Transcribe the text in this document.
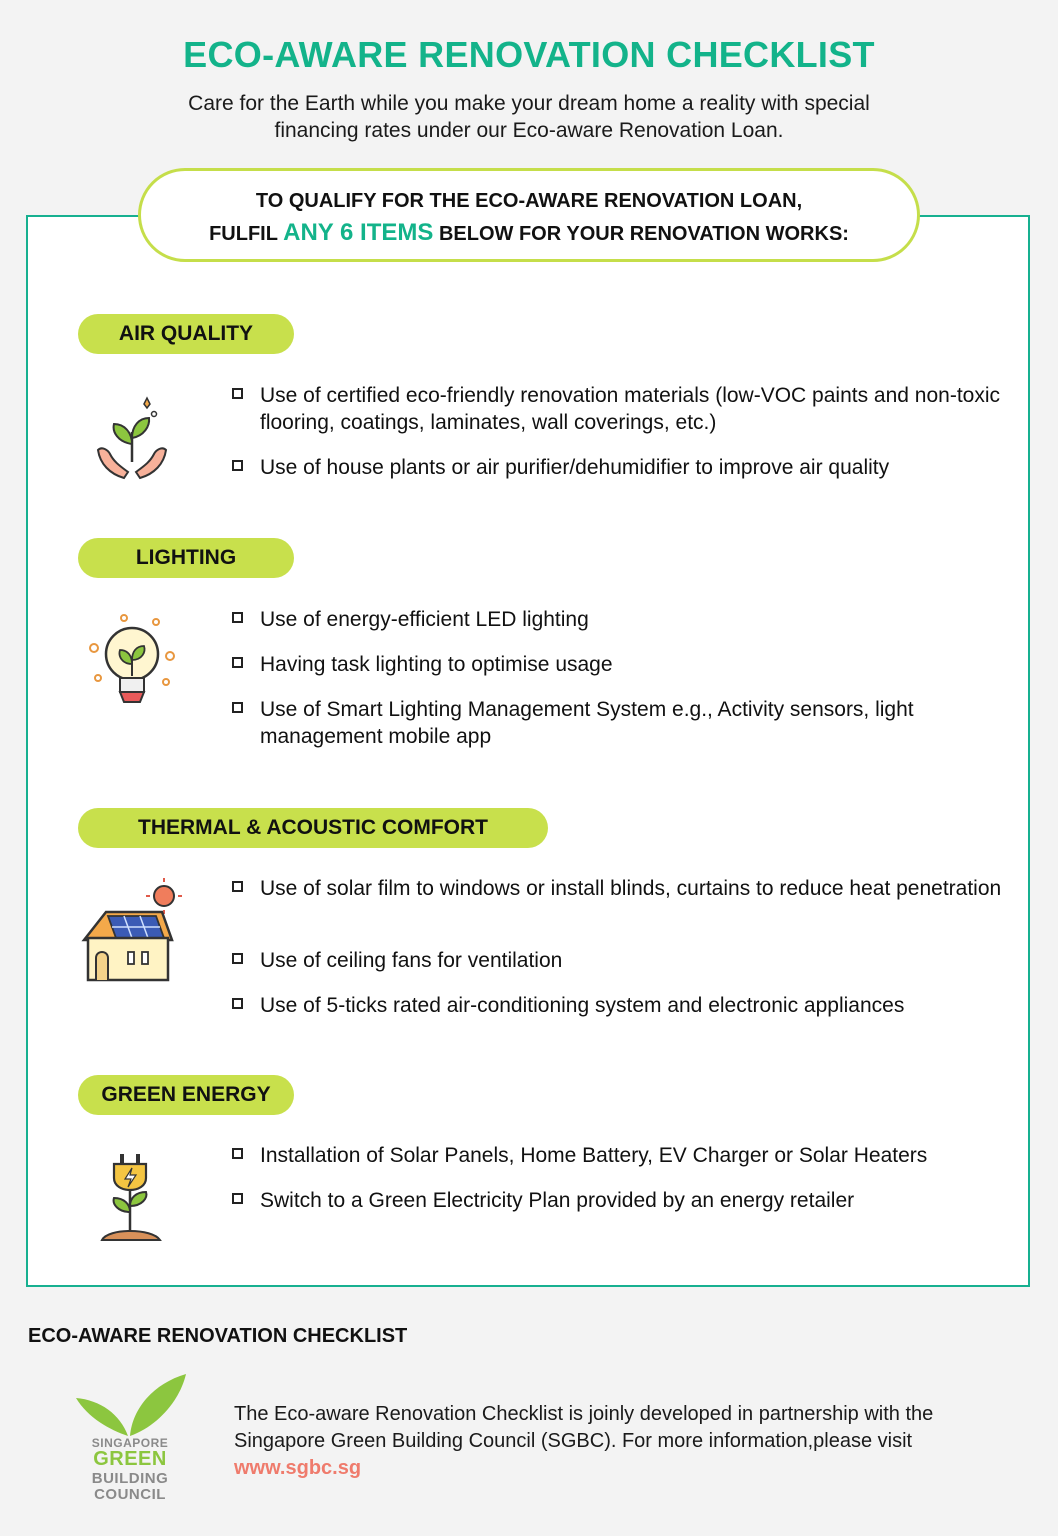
ECO-AWARE RENOVATION CHECKLIST
Care for the Earth while you make your dream home a reality with special
financing rates under our Eco-aware Renovation Loan.
TO QUALIFY FOR THE ECO-AWARE RENOVATION LOAN,
FULFIL ANY 6 ITEMS BELOW FOR YOUR RENOVATION WORKS:
AIR QUALITY
Use of certified eco-friendly renovation materials (low-VOC paints and non-toxic flooring, coatings, laminates, wall coverings, etc.)
Use of house plants or air purifier/dehumidifier to improve air quality
LIGHTING
Use of energy-efficient LED lighting
Having task lighting to optimise usage
Use of Smart Lighting Management System e.g., Activity sensors, light management mobile app
THERMAL & ACOUSTIC COMFORT
Use of solar film to windows or install blinds, curtains to reduce heat penetration
Use of ceiling fans for ventilation
Use of 5-ticks rated air-conditioning system and electronic appliances
GREEN ENERGY
Installation of Solar Panels, Home Battery, EV Charger or Solar Heaters
Switch to a Green Electricity Plan provided by an energy retailer
ECO-AWARE RENOVATION CHECKLIST
SINGAPORE
GREEN
BUILDING
COUNCIL
The Eco-aware Renovation Checklist is joinly developed in partnership with the Singapore Green Building Council (SGBC). For more information,please visit www.sgbc.sg
